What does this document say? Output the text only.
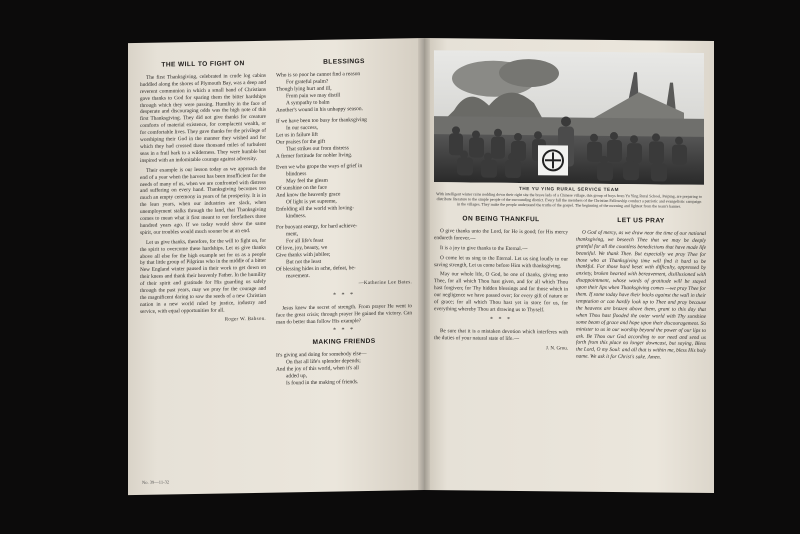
THE WILL TO FIGHT ON

The first Thanksgiving, celebrated in crude log cabins huddled along the shores of Plymouth Bay, was a deep and reverent communion in which a small band of Christians gave thanks to God for sparing them the bitter hardships through which they were passing. Humility in the face of desperate and discouraging odds was the high note of this first Thanksgiving. They did not give thanks for creature comforts of material existence, for complacent wealth, or for comfortable lives. They gave thanks for the privilege of worshiping their God in the manner they wished and for which they had crossed three thousand miles of turbulent seas in a frail bark to a wilderness. They were humble but inspired with an indomitable courage against adversity.

Their example is our lesson today as we approach the end of a year when the harvest has been insufficient for the needs of many of us, when we are confronted with distress and suffering on every hand. Thanksgiving becomes too much an empty ceremony in years of fat prosperity. It is in the lean years, when our industries are slack, when unemployment stalks through the land, that Thanksgiving comes to mean what it first meant to our forefathers three hundred years ago. If we today would show the same spirit, our troubles would much sooner be at an end.

Let us give thanks, therefore, for the will to fight on, for the spirit to overcome these hardships. Let us give thanks above all else for the high example set for us as a people by that little group of Pilgrims who in the middle of a bitter New England winter paused in their work to get down on their knees and thank their heavenly Father. In the humility of their spirit and gratitude for His guarding us safely through the past years, may we pray for the courage and the magnificent daring to sow the seeds of a new Christian nation in a new world ruled by justice, industry and service, with equal opportunities for all.

Roger W. Babson.
BLESSINGS
Who is so poor he cannot find a reason
For grateful psalm?
Though lying hurt and ill,
From pain we may distill
A sympathy to balm
Another's wound in his unhappy season.
If we have been too busy for thanksgiving
In our success,
Let us in failure lift
Our praises for the gift
That strikes out from distress
A firmer fortitude for nobler living.
Even we who grope the ways of grief in
blindness
May feel the gleam
Of sunshine on the face
And know the heavenly grace
Of light is yet supreme,
Enfolding all the world with loving-
kindness.
For buoyant energy, for hard achieve-
ment,
For all life's feast
Of love, joy, beauty, we
Give thanks with jubilee;
But not the least
Of blessing hides in ache, defeat, be-
reavement.
—Katherine Lee Bates.
* * *

Jesus knew the secret of strength. From prayer He went to face the great crisis; through prayer He gained the victory. Can man do better than follow His example?

* * *
MAKING FRIENDS
It's giving and doing for somebody else—
On that all life's splendor depends;
And the joy of this world, when it's all
added up,
Is found in the making of friends.
No. 39—11-32
THE YU YING RURAL SERVICE TEAM
With intelligent winter rains nodding down their right site the brave lads of a Chinese village, this group of boys from Yu Ying Rural School, Peiping, are preparing to distribute literature to the simple people of the surrounding district. Every fall the members of the Christian Fellowship conduct a patriotic and evangelistic campaign in the villages. They make the people understand the truths of the gospel. The beginning of the morning and lightest from the team's banner.
ON BEING THANKFUL

O give thanks unto the Lord, for He is good; for His mercy endureth forever.—

It is a joy to give thanks to the Eternal.—

O come let us sing to the Eternal. Let us sing loudly to our saving strength, Let us come before Him with thanksgiving.

May our whole life, O God, be one of thanks, giving unto Thee, for all which Thou hast given, and for all which Thou hast forgiven; for Thy hidden blessings and for those which in our negligence we have passed over; for every gift of nature or of grace; for all which Thou hast yet in store for us, for everything whereby Thou art drawing us to Thyself.

* * *

Be sure that it is a mistaken devotion which interferes with the duties of your natural state of life.—

J. N. Grou.
LET US PRAY

O God of mercy, as we draw near the time of our national thanksgiving, we beseech Thee that we may be deeply grateful for all the countless benedictions that have made life beautiful. We thank Thee. But especially we pray Thee for those who at Thanksgiving time will find it hard to be thankful. For those hard beset with difficulty, oppressed by anxiety, broken hearted with bereavement, disillusioned with disappointment, whose words of gratitude will be stayed upon their lips when Thanksgiving comes —we pray Thee for them. If some today have their backs against the wall in their temptation or can hardly look up to Thee and pray because the heavens are brazen above them, grant to this day that when Thou hast flooded the outer world with Thy sunshine some beam of grace and hope upon their discouragement. So minister to us in our worship beyond the power of our lips to ask. Be Thou our God according to our need and send us forth from this place no longer downcast, but saying, Bless the Lord, O my Soul: and all that is within me, bless His holy name. We ask it for Christ's sake. Amen.
